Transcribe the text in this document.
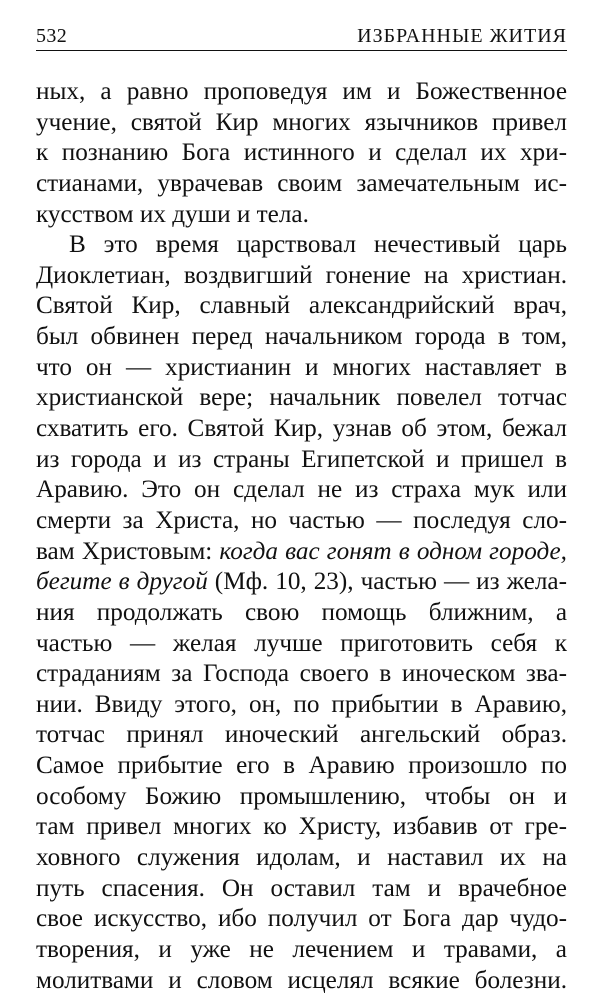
532	ИЗБРАННЫЕ ЖИТИЯ
ных, а равно проповедуя им и Божественное
учение, святой Кир многих язычников привел
к познанию Бога истинного и сделал их хри-
стианами, уврачевав своим замечательным ис-
кусством их души и тела.
В это время царствовал нечестивый царь
Диоклетиан, воздвигший гонение на христиан.
Святой Кир, славный александрийский врач,
был обвинен перед начальником города в том,
что он — христианин и многих наставляет в
христианской вере; начальник повелел тотчас
схватить его. Святой Кир, узнав об этом, бежал
из города и из страны Египетской и пришел в
Аравию. Это он сделал не из страха мук или
смерти за Христа, но частью — последуя сло-
вам Христовым: когда вас гонят в одном городе,
бегите в другой (Мф. 10, 23), частью — из жела-
ния продолжать свою помощь ближним, а
частью — желая лучше приготовить себя к
страданиям за Господа своего в иноческом зва-
нии. Ввиду этого, он, по прибытии в Аравию,
тотчас принял иноческий ангельский образ.
Самое прибытие его в Аравию произошло по
особому Божию промышлению, чтобы он и
там привел многих ко Христу, избавив от гре-
ховного служения идолам, и наставил их на
путь спасения. Он оставил там и врачебное
свое искусство, ибо получил от Бога дар чудо-
творения, и уже не лечением и травами, а
молитвами и словом исцелял всякие болезни.
